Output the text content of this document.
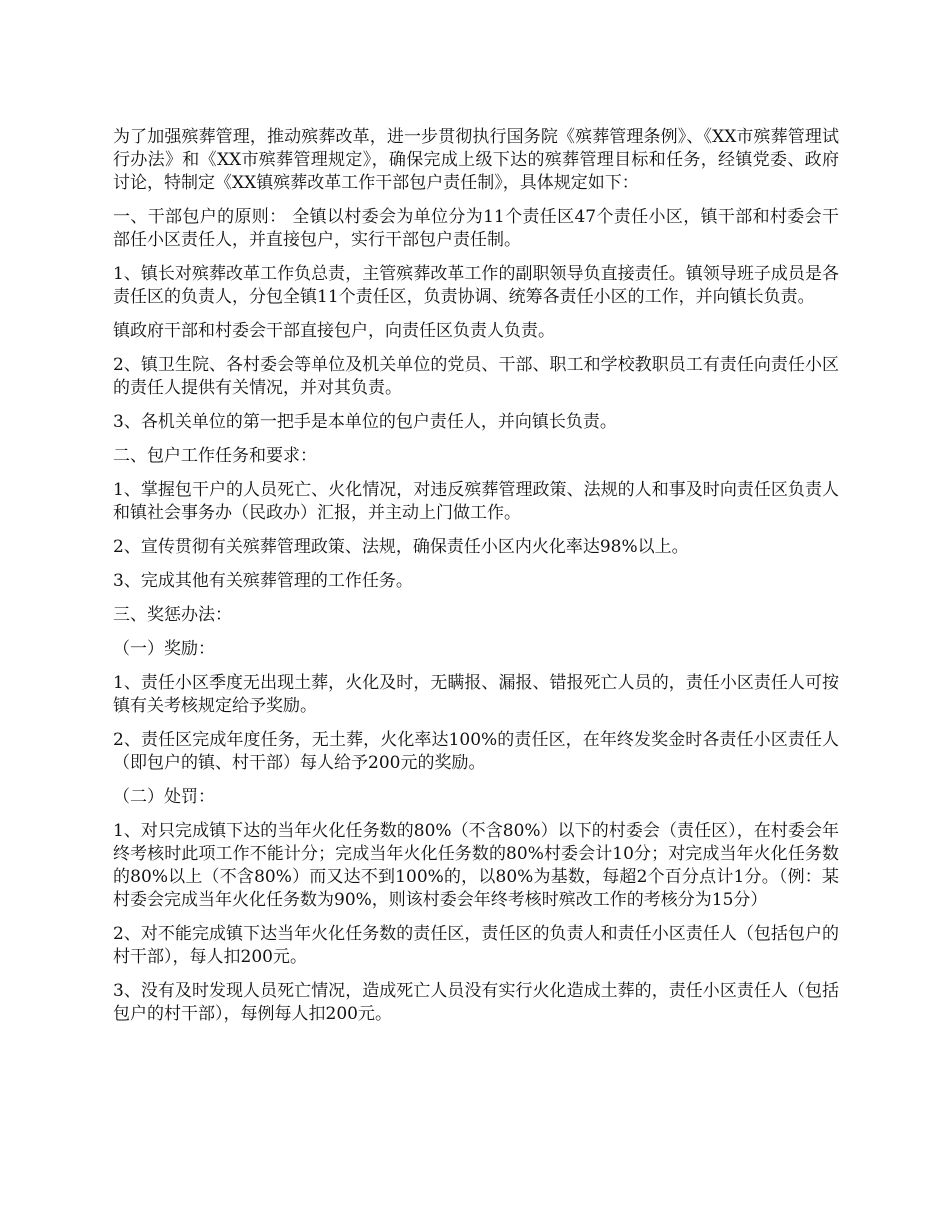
为了加强殡葬管理，推动殡葬改革，进一步贯彻执行国务院《殡葬管理条例》、《XX市殡葬管理试行办法》和《XX市殡葬管理规定》，确保完成上级下达的殡葬管理目标和任务，经镇党委、政府讨论，特制定《XX镇殡葬改革工作干部包户责任制》，具体规定如下：

一、干部包户的原则： 全镇以村委会为单位分为11个责任区47个责任小区，镇干部和村委会干部任小区责任人，并直接包户，实行干部包户责任制。

1、镇长对殡葬改革工作负总责，主管殡葬改革工作的副职领导负直接责任。镇领导班子成员是各责任区的负责人，分包全镇11个责任区，负责协调、统筹各责任小区的工作，并向镇长负责。

镇政府干部和村委会干部直接包户，向责任区负责人负责。

2、镇卫生院、各村委会等单位及机关单位的党员、干部、职工和学校教职员工有责任向责任小区的责任人提供有关情况，并对其负责。

3、各机关单位的第一把手是本单位的包户责任人，并向镇长负责。

二、包户工作任务和要求：

1、掌握包干户的人员死亡、火化情况，对违反殡葬管理政策、法规的人和事及时向责任区负责人和镇社会事务办（民政办）汇报，并主动上门做工作。

2、宣传贯彻有关殡葬管理政策、法规，确保责任小区内火化率达98%以上。

3、完成其他有关殡葬管理的工作任务。

三、奖惩办法：

（一）奖励：

1、责任小区季度无出现土葬，火化及时，无瞒报、漏报、错报死亡人员的，责任小区责任人可按镇有关考核规定给予奖励。

2、责任区完成年度任务，无土葬，火化率达100%的责任区，在年终发奖金时各责任小区责任人（即包户的镇、村干部）每人给予200元的奖励。

（二）处罚：

1、对只完成镇下达的当年火化任务数的80%（不含80%）以下的村委会（责任区），在村委会年终考核时此项工作不能计分；完成当年火化任务数的80%村委会计10分；对完成当年火化任务数的80%以上（不含80%）而又达不到100%的，以80%为基数，每超2个百分点计1分。（例：某村委会完成当年火化任务数为90%，则该村委会年终考核时殡改工作的考核分为15分）

2、对不能完成镇下达当年火化任务数的责任区，责任区的负责人和责任小区责任人（包括包户的村干部），每人扣200元。

3、没有及时发现人员死亡情况，造成死亡人员没有实行火化造成土葬的，责任小区责任人（包括包户的村干部），每例每人扣200元。
